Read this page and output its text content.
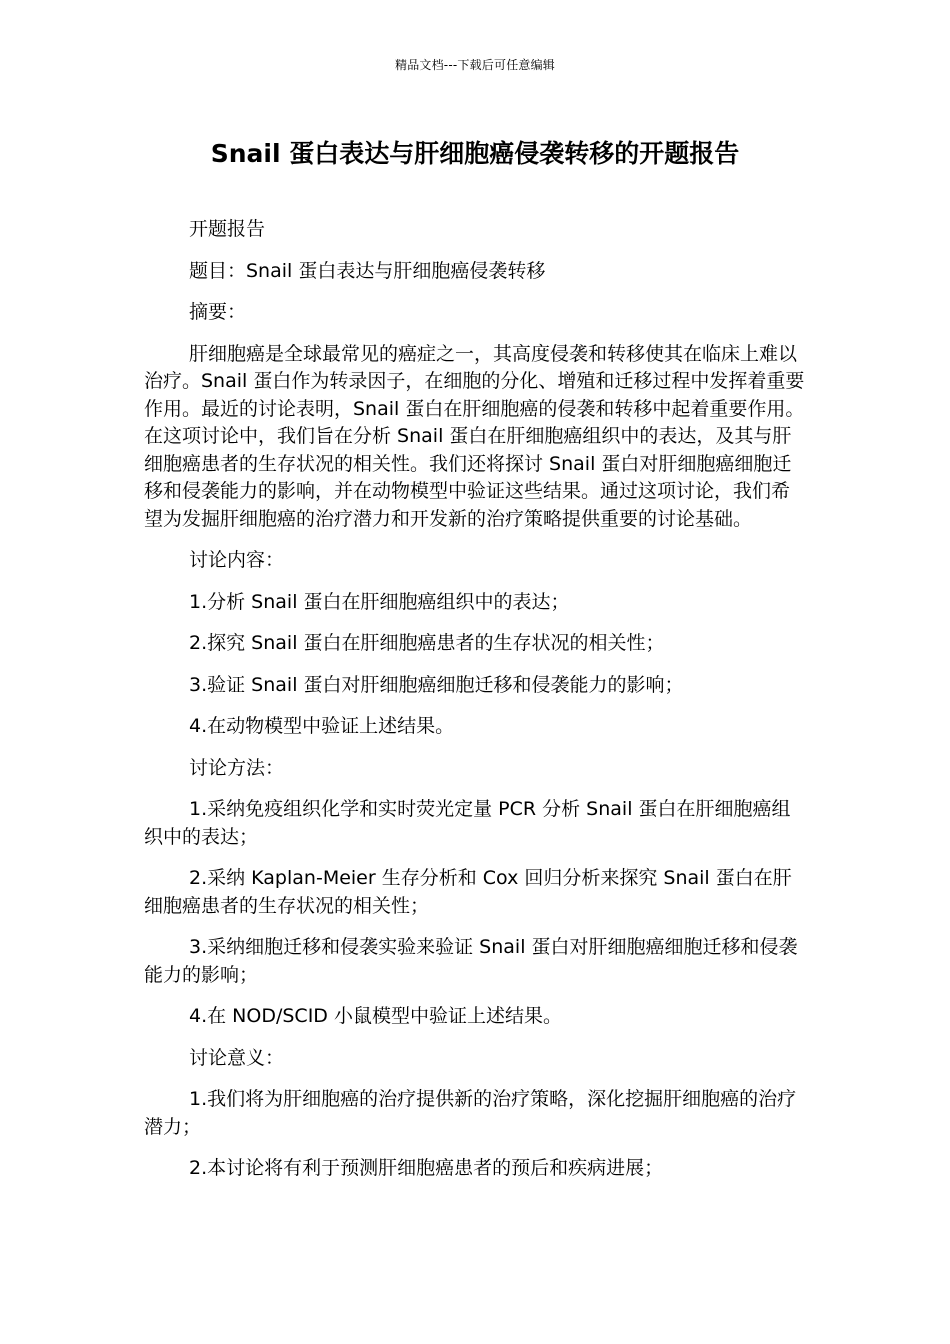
精品文档---下载后可任意编辑
Snail 蛋白表达与肝细胞癌侵袭转移的开题报告

开题报告

题目：Snail 蛋白表达与肝细胞癌侵袭转移

摘要：

肝细胞癌是全球最常见的癌症之一，其高度侵袭和转移使其在临床上难以治疗。Snail 蛋白作为转录因子，在细胞的分化、增殖和迁移过程中发挥着重要作用。最近的讨论表明，Snail 蛋白在肝细胞癌的侵袭和转移中起着重要作用。在这项讨论中，我们旨在分析 Snail 蛋白在肝细胞癌组织中的表达，及其与肝细胞癌患者的生存状况的相关性。我们还将探讨 Snail 蛋白对肝细胞癌细胞迁移和侵袭能力的影响，并在动物模型中验证这些结果。通过这项讨论，我们希望为发掘肝细胞癌的治疗潜力和开发新的治疗策略提供重要的讨论基础。

讨论内容：

1.分析 Snail 蛋白在肝细胞癌组织中的表达；

2.探究 Snail 蛋白在肝细胞癌患者的生存状况的相关性；

3.验证 Snail 蛋白对肝细胞癌细胞迁移和侵袭能力的影响；

4.在动物模型中验证上述结果。

讨论方法：

1.采纳免疫组织化学和实时荧光定量 PCR 分析 Snail 蛋白在肝细胞癌组织中的表达；

2.采纳 Kaplan-Meier 生存分析和 Cox 回归分析来探究 Snail 蛋白在肝细胞癌患者的生存状况的相关性；

3.采纳细胞迁移和侵袭实验来验证 Snail 蛋白对肝细胞癌细胞迁移和侵袭能力的影响；

4.在 NOD/SCID 小鼠模型中验证上述结果。

讨论意义：

1.我们将为肝细胞癌的治疗提供新的治疗策略，深化挖掘肝细胞癌的治疗潜力；

2.本讨论将有利于预测肝细胞癌患者的预后和疾病进展；
